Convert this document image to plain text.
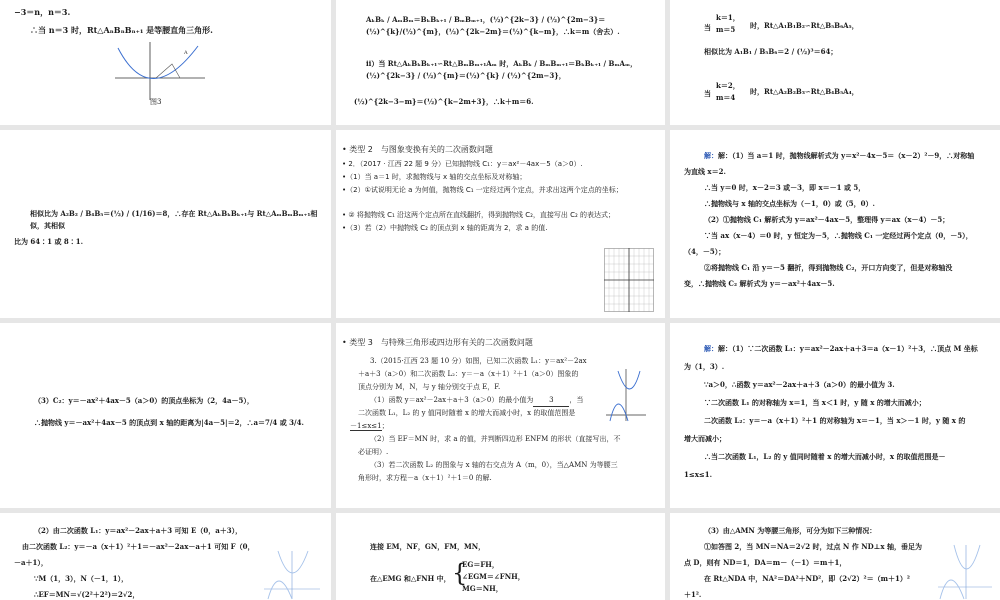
−3＝n，n＝3.
∴当 n＝3 时，Rt△AₙBₙBₙ₊₁ 是等腰直角三角形.
A
图3
AₖBₖ / AₘBₘ＝BₖBₖ₊₁ / BₘBₘ₊₁，(½)^{2k−3} / (½)^{2m−3}＝(½)^{k}/(½)^{m}，(½)^{2k−2m}＝(½)^{k−m}，∴k＝m（舍去）.
ⅱ）当 Rt△AₖBₖBₖ₊₁∽Rt△BₘBₘ₊₁Aₘ 时，AₖBₖ / BₘBₘ₊₁＝BₖBₖ₊₁ / BₘAₘ，(½)^{2k−3} / (½)^{m}＝(½)^{k} / (½)^{2m−3}，
(½)^{2k−3−m}＝(½)^{k−2m+3}，∴k＋m＝6.
当
k＝1，
m＝5 时，Rt△A₁B₁B₂∽Rt△B₅B₆A₅，
相似比为 A₁B₁ / B₅B₆＝2 / (½)³＝64；
当
k＝2，
m＝4
时，Rt△A₂B₂B₃∽Rt△B₄B₅A₄，
相似比为 A₂B₂ / B₄B₅＝(½) / (1/16)＝8，∴存在 Rt△AₖBₖBₖ₊₁与 Rt△AₘBₘBₘ₊₁相似，其相似
比为 64∶1 或 8∶1.
• 类型 2　与图象变换有关的二次函数问题
• 2．（2017 · 江西 22 题 9 分）已知抛物线 C₁：y＝ax²－4ax－5（a＞0）.
•（1）当 a＝1 时，求抛物线与 x 轴的交点坐标及对称轴；
•（2）①试说明无论 a 为何值，抛物线 C₁ 一定经过两个定点，并求出这两个定点的坐标；
• ② 将抛物线 C₁ 沿这两个定点所在直线翻折，得到抛物线 C₂，直接写出 C₂ 的表达式；
•（3）若（2）中抛物线 C₂ 的顶点到 x 轴的距离为 2，求 a 的值.
解：解：（1）当 a＝1 时，抛物线解析式为 y＝x²－4x－5＝（x－2）²－9，∴对称轴
为直线 x＝2.
∴当 y＝0 时，x－2＝3 或－3，即 x＝－1 或 5，
∴抛物线与 x 轴的交点坐标为（－1，0）或（5，0）.
（2）①抛物线 C₁ 解析式为 y＝ax²－4ax－5，整理得 y＝ax（x－4）－5；
∵当 ax（x－4）＝0 时，y 恒定为－5，∴抛物线 C₁ 一定经过两个定点（0，－5），
（4，－5）；
②将抛物线 C₁ 沿 y＝－5 翻折，得到抛物线 C₂，开口方向变了，但是对称轴没
变，∴抛物线 C₂ 解析式为 y＝－ax²＋4ax－5.
（3）C₂：y＝－ax²＋4ax－5（a＞0）的顶点坐标为（2，4a－5），
∴抛物线 y＝－ax²＋4ax－5 的顶点到 x 轴的距离为|4a－5|＝2，∴a＝7/4 或 3/4.
• 类型 3　与特殊三角形或四边形有关的二次函数问题
3.（2015·江西 23 题 10 分）如图，已知二次函数 L₁：y＝ax²－2ax
＋a＋3（a＞0）和二次函数 L₂：y＝－a（x＋1）²＋1（a＞0）图象的
顶点分别为 M，N，与 y 轴分别交于点 E，F.
（1）函数 y＝ax²－2ax＋a＋3（a＞0）的最小值为 3 ，当
二次函数 L₁，L₂ 的 y 值同时随着 x 的增大而减小时，x 的取值范围是
－1≤x≤1；
（2）当 EF＝MN 时，求 a 的值，并判断四边形 ENFM 的形状（直接写出，不
必证明）.
（3）若二次函数 L₂ 的图象与 x 轴的右交点为 A（m，0），当△AMN 为等腰三
角形时，求方程－a（x＋1）²＋1＝0 的解.
解：解：（1）∵二次函数 L₁：y＝ax²－2ax＋a＋3＝a（x－1）²＋3，∴顶点 M 坐标
为（1，3）.
∵a＞0，∴函数 y＝ax²－2ax＋a＋3（a＞0）的最小值为 3.
∵二次函数 L₁ 的对称轴为 x＝1，当 x＜1 时，y 随 x 的增大而减小；
二次函数 L₂：y＝－a（x＋1）²＋1 的对称轴为 x＝－1，当 x＞－1 时，y 随 x 的
增大而减小；
∴当二次函数 L₁，L₂ 的 y 值同时随着 x 的增大而减小时，x 的取值范围是－
1≤x≤1.
（2）由二次函数 L₁：y＝ax²－2ax＋a＋3 可知 E（0，a＋3），
由二次函数 L₂：y＝－a（x＋1）²＋1＝－ax²－2ax－a＋1 可知 F（0，
－a＋1），
∵M（1，3），N（－1，1），
∴EF＝MN＝√(2²＋2²)＝2√2，
连接 EM，NF，GN，FM，MN，
在△EMG 和△FNH 中， {
EG＝FH，
∠EGM＝∠FNH，
MG＝NH，
（3）由△AMN 为等腰三角形，可分为如下三种情况：
①如答图 2，当 MN＝NA＝2√2 时，过点 N 作 ND⊥x 轴，垂足为
点 D，则有 ND＝1，DA＝m－（－1）＝m＋1，
在 Rt△NDA 中，NA²＝DA²＋ND²，即（2√2）²＝（m＋1）²
＋1².
